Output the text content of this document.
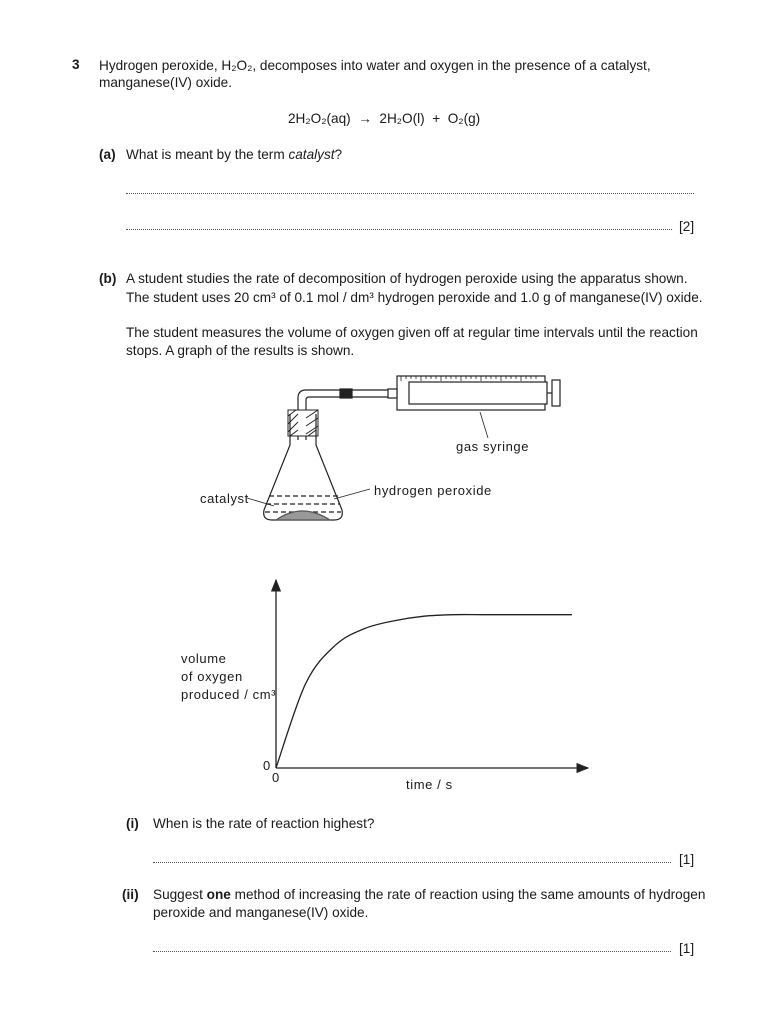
3 Hydrogen peroxide, H₂O₂, decomposes into water and oxygen in the presence of a catalyst,
manganese(IV) oxide.
2H₂O₂(aq)  →  2H₂O(l)  +  O₂(g)
(a) What is meant by the term catalyst?
[2]
(b) A student studies the rate of decomposition of hydrogen peroxide using the apparatus shown.
The student uses 20 cm³ of 0.1 mol / dm³ hydrogen peroxide and 1.0 g of manganese(IV) oxide.
The student measures the volume of oxygen given off at regular time intervals until the reaction
stops. A graph of the results is shown.
gas syringe
catalyst
hydrogen peroxide
volume
of oxygen
produced / cm³
0
0	time / s
(i) When is the rate of reaction highest?
[1]
(ii) Suggest one method of increasing the rate of reaction using the same amounts of hydrogen
peroxide and manganese(IV) oxide.
[1]
